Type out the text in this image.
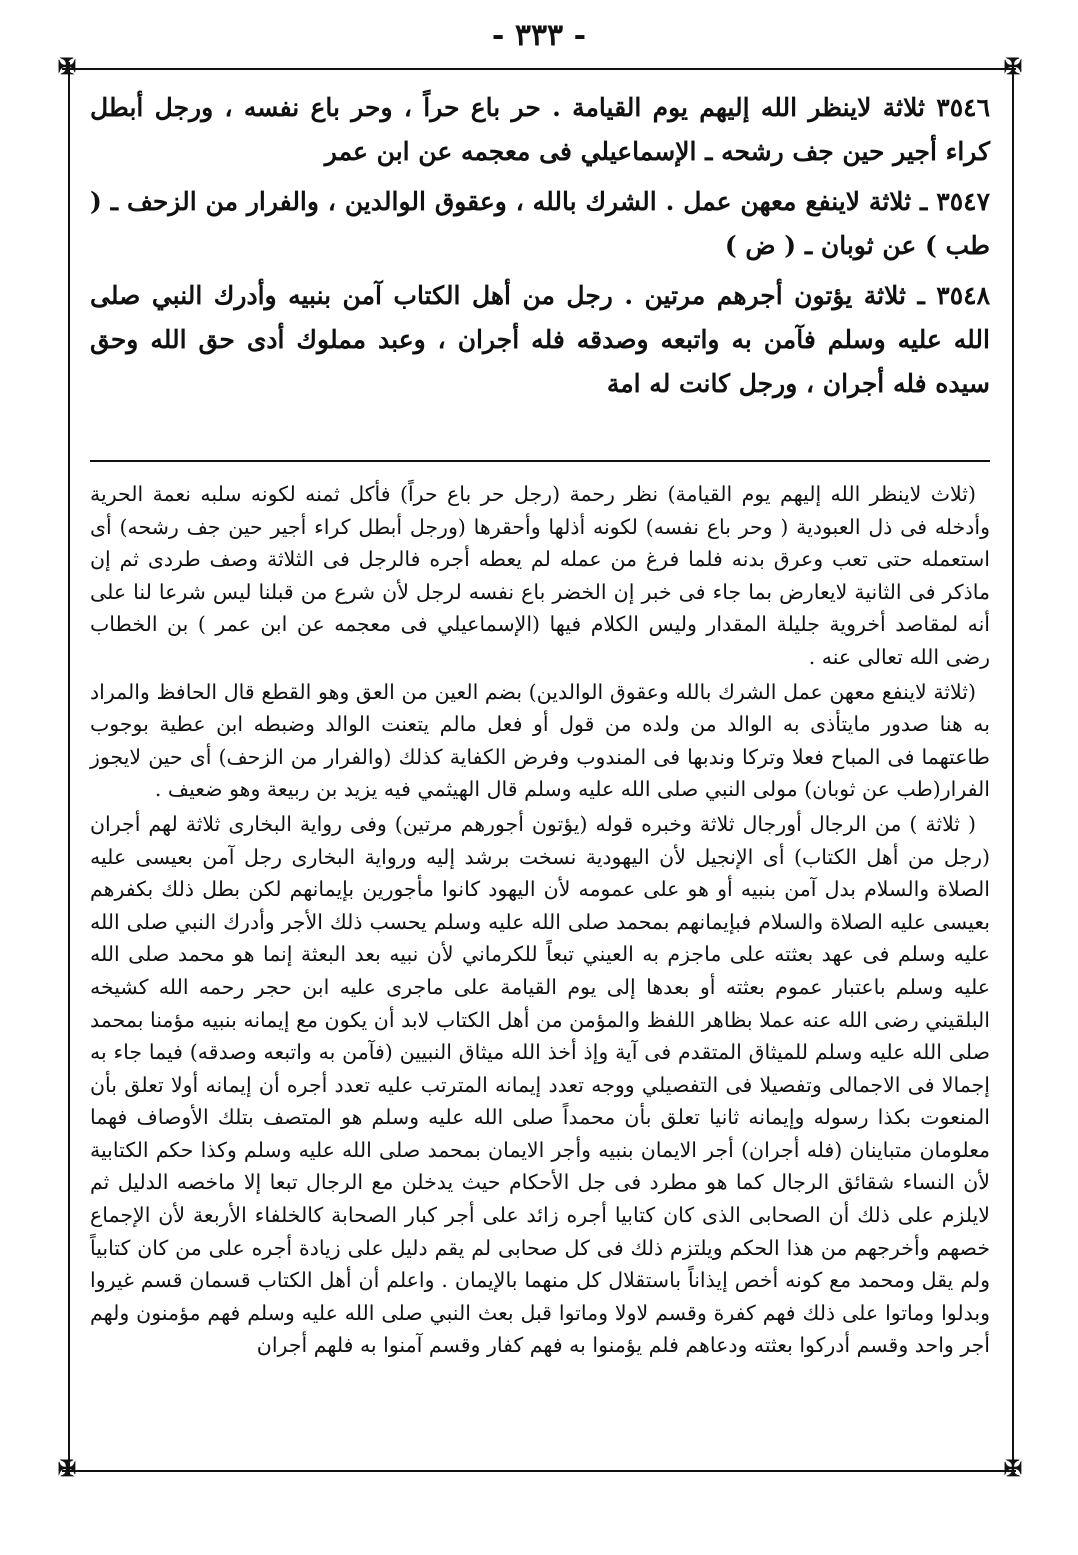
- ٣٣٣ -
✠	✠
✠	✠

٣٥٤٦ ثلاثة لاينظر الله إليهم يوم القيامة . حر باع حراً ، وحر باع نفسه ، ورجل أبطل كراء أجير حين جف رشحه ـ الإسماعيلي فى معجمه عن ابن عمر

٣٥٤٧ ـ ثلاثة لاينفع معهن عمل . الشرك بالله ، وعقوق الوالدين ، والفرار من الزحف ـ ( طب ) عن ثوبان ـ ( ض )

٣٥٤٨ ـ ثلاثة يؤتون أجرهم مرتين . رجل من أهل الكتاب آمن بنبيه وأدرك النبي صلى الله عليه وسلم فآمن به واتبعه وصدقه فله أجران ، وعبد مملوك أدى حق الله وحق سيده فله أجران ، ورجل كانت له امة

(ثلاث لاينظر الله إليهم يوم القيامة) نظر رحمة (رجل حر باع حراً) فأكل ثمنه لكونه سلبه نعمة الحرية وأدخله فى ذل العبودية ( وحر باع نفسه) لكونه أذلها وأحقرها (ورجل أبطل كراء أجير حين جف رشحه) أى استعمله حتى تعب وعرق بدنه فلما فرغ من عمله لم يعطه أجره فالرجل فى الثلاثة وصف طردى ثم إن ماذكر فى الثانية لايعارض بما جاء فى خبر إن الخضر باع نفسه لرجل لأن شرع من قبلنا ليس شرعا لنا على أنه لمقاصد أخروية جليلة المقدار وليس الكلام فيها (الإسماعيلي فى معجمه عن ابن عمر ) بن الخطاب رضى الله تعالى عنه .

(ثلاثة لاينفع معهن عمل الشرك بالله وعقوق الوالدين) بضم العين من العق وهو القطع قال الحافظ والمراد به هنا صدور مايتأذى به الوالد من ولده من قول أو فعل مالم يتعنت الوالد وضبطه ابن عطية بوجوب طاعتهما فى المباح فعلا وتركا وندبها فى المندوب وفرض الكفاية كذلك (والفرار من الزحف) أى حين لايجوز الفرار(طب عن ثوبان) مولى النبي صلى الله عليه وسلم قال الهيثمي فيه يزيد بن ربيعة وهو ضعيف .

( ثلاثة ) من الرجال أورجال ثلاثة وخبره قوله (يؤتون أجورهم مرتين) وفى رواية البخارى ثلاثة لهم أجران (رجل من أهل الكتاب) أى الإنجيل لأن اليهودية نسخت برشد إليه ورواية البخارى رجل آمن بعيسى عليه الصلاة والسلام بدل آمن بنبيه أو هو على عمومه لأن اليهود كانوا مأجورين بإيمانهم لكن بطل ذلك بكفرهم بعيسى عليه الصلاة والسلام فبإيمانهم بمحمد صلى الله عليه وسلم يحسب ذلك الأجر وأدرك النبي صلى الله عليه وسلم فى عهد بعثته على ماجزم به العيني تبعاً للكرماني لأن نبيه بعد البعثة إنما هو محمد صلى الله عليه وسلم باعتبار عموم بعثته أو بعدها إلى يوم القيامة على ماجرى عليه ابن حجر رحمه الله كشيخه البلقيني رضى الله عنه عملا بظاهر اللفظ والمؤمن من أهل الكتاب لابد أن يكون مع إيمانه بنبيه مؤمنا بمحمد صلى الله عليه وسلم للميثاق المتقدم فى آية وإذ أخذ الله ميثاق النبيين (فآمن به واتبعه وصدقه) فيما جاء به إجمالا فى الاجمالى وتفصيلا فى التفصيلي ووجه تعدد إيمانه المترتب عليه تعدد أجره أن إيمانه أولا تعلق بأن المنعوت بكذا رسوله وإيمانه ثانيا تعلق بأن محمداً صلى الله عليه وسلم هو المتصف بتلك الأوصاف فهما معلومان متباينان (فله أجران) أجر الايمان بنبيه وأجر الايمان بمحمد صلى الله عليه وسلم وكذا حكم الكتابية لأن النساء شقائق الرجال كما هو مطرد فى جل الأحكام حيث يدخلن مع الرجال تبعا إلا ماخصه الدليل ثم لايلزم على ذلك أن الصحابى الذى كان كتابيا أجره زائد على أجر كبار الصحابة كالخلفاء الأربعة لأن الإجماع خصهم وأخرجهم من هذا الحكم ويلتزم ذلك فى كل صحابى لم يقم دليل على زيادة أجره على من كان كتابياً ولم يقل ومحمد مع كونه أخص إيذاناً باستقلال كل منهما بالإيمان . واعلم أن أهل الكتاب قسمان قسم غيروا وبدلوا وماتوا على ذلك فهم كفرة وقسم لاولا وماتوا قبل بعث النبي صلى الله عليه وسلم فهم مؤمنون ولهم أجر واحد وقسم أدركوا بعثته ودعاهم فلم يؤمنوا به فهم كفار وقسم آمنوا به فلهم أجران
